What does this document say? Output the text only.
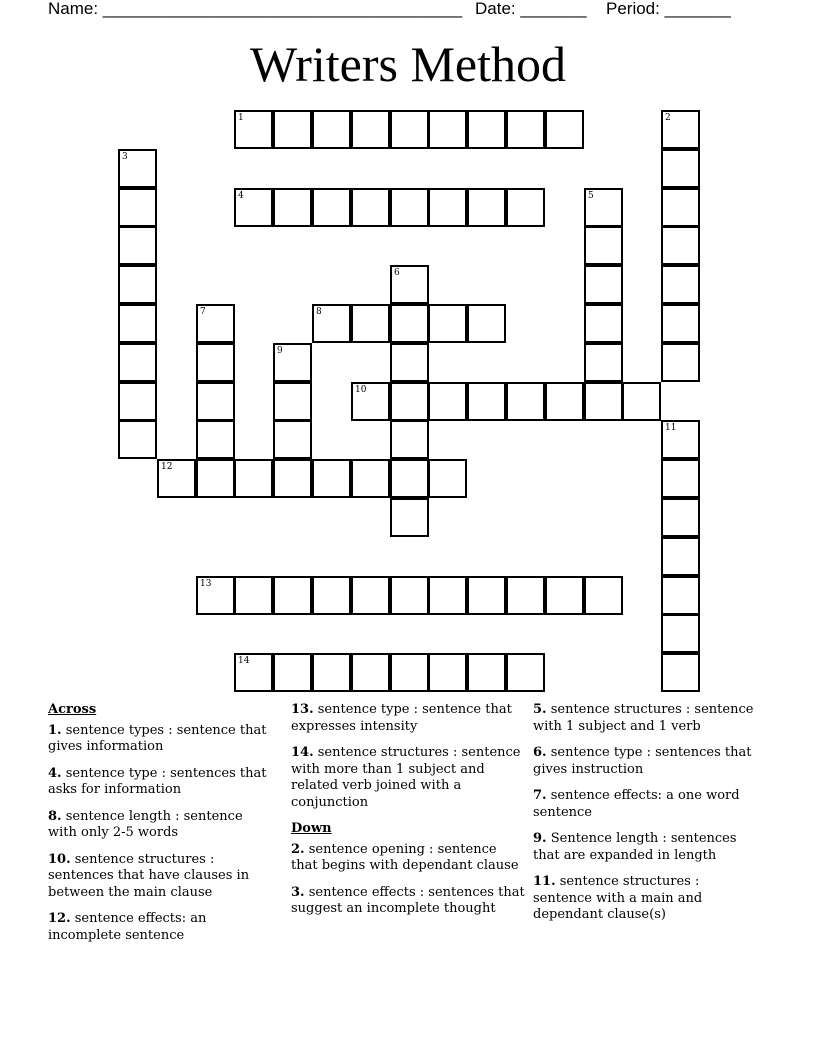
Name: ______________________________________ Date: _______ Period: _______
Writers Method
1	2
3
4	5
6
7	8
9
10
11
12
13
14
Across
1. sentence types : sentence that gives information
4. sentence type : sentences that asks for information
8. sentence length : sentence with only 2-5 words
10. sentence structures : sentences that have clauses in between the main clause
12. sentence effects: an incomplete sentence
13. sentence type : sentence that expresses intensity
14. sentence structures : sentence with more than 1 subject and related verb joined with a conjunction
Down
2. sentence opening : sentence that begins with dependant clause
3. sentence effects : sentences that suggest an incomplete thought
5. sentence structures : sentence with 1 subject and 1 verb
6. sentence type : sentences that gives instruction
7. sentence effects: a one word sentence
9. Sentence length : sentences that are expanded in length
11. sentence structures : sentence with a main and dependant clause(s)
